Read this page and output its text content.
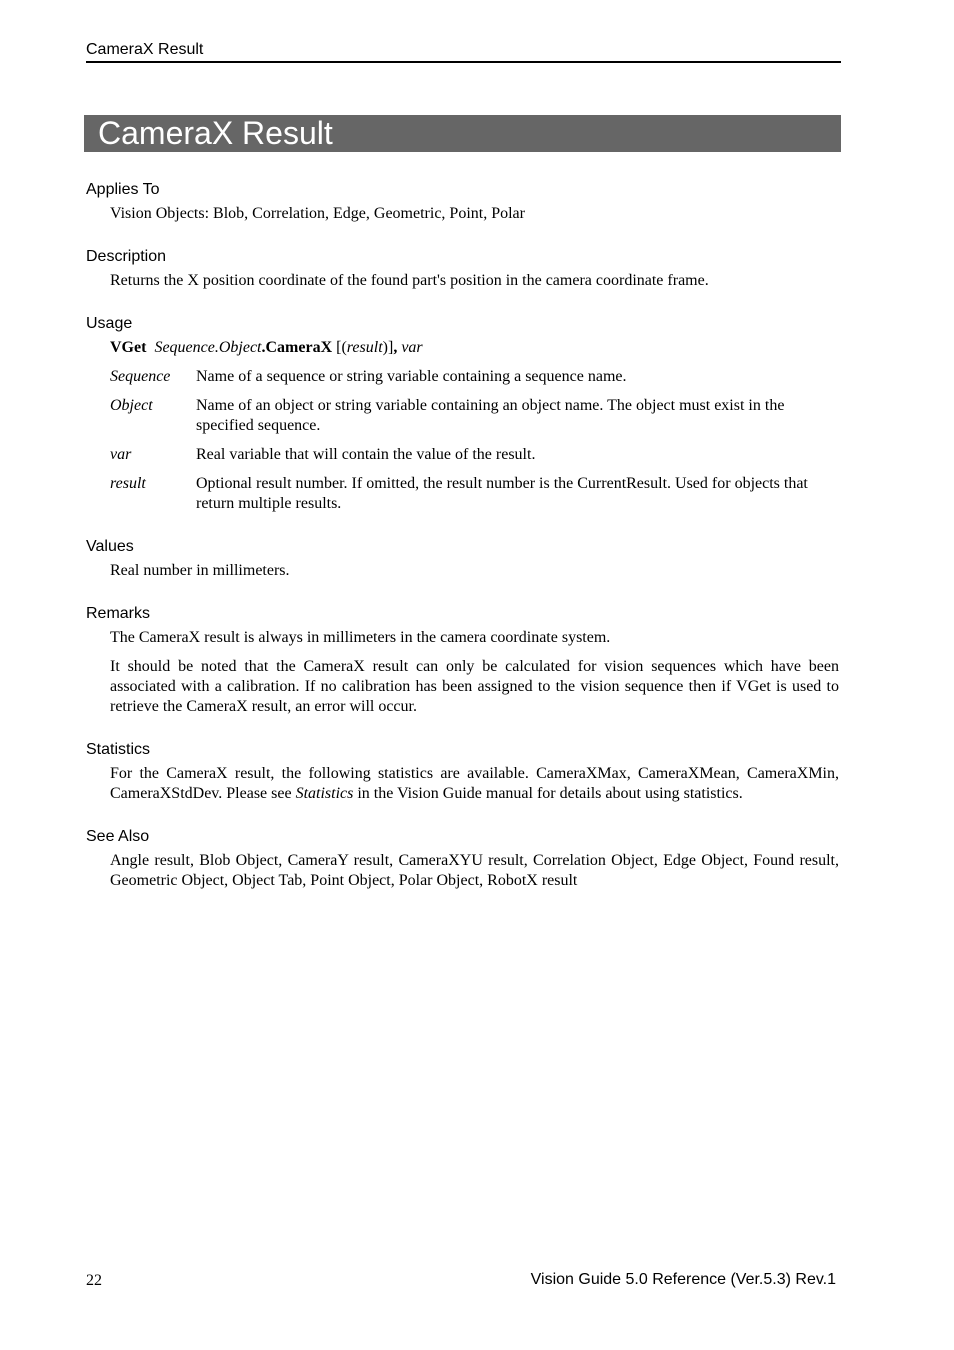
CameraX Result
CameraX Result
Applies To
Vision Objects: Blob, Correlation, Edge, Geometric, Point, Polar
Description
Returns the X position coordinate of the found part's position in the camera coordinate frame.
Usage
VGet Sequence.Object.CameraX [(result)], var
Sequence	Name of a sequence or string variable containing a sequence name.
Object	Name of an object or string variable containing an object name. The object must exist in the specified sequence.
var	Real variable that will contain the value of the result.
result	Optional result number. If omitted, the result number is the CurrentResult. Used for objects that return multiple results.
Values
Real number in millimeters.
Remarks
The CameraX result is always in millimeters in the camera coordinate system.
It should be noted that the CameraX result can only be calculated for vision sequences which have been associated with a calibration. If no calibration has been assigned to the vision sequence then if VGet is used to retrieve the CameraX result, an error will occur.
Statistics
For the CameraX result, the following statistics are available. CameraXMax, CameraXMean, CameraXMin, CameraXStdDev. Please see Statistics in the Vision Guide manual for details about using statistics.
See Also
Angle result, Blob Object, CameraY result, CameraXYU result, Correlation Object, Edge Object, Found result, Geometric Object, Object Tab, Point Object, Polar Object, RobotX result
22	Vision Guide 5.0 Reference (Ver.5.3) Rev.1
